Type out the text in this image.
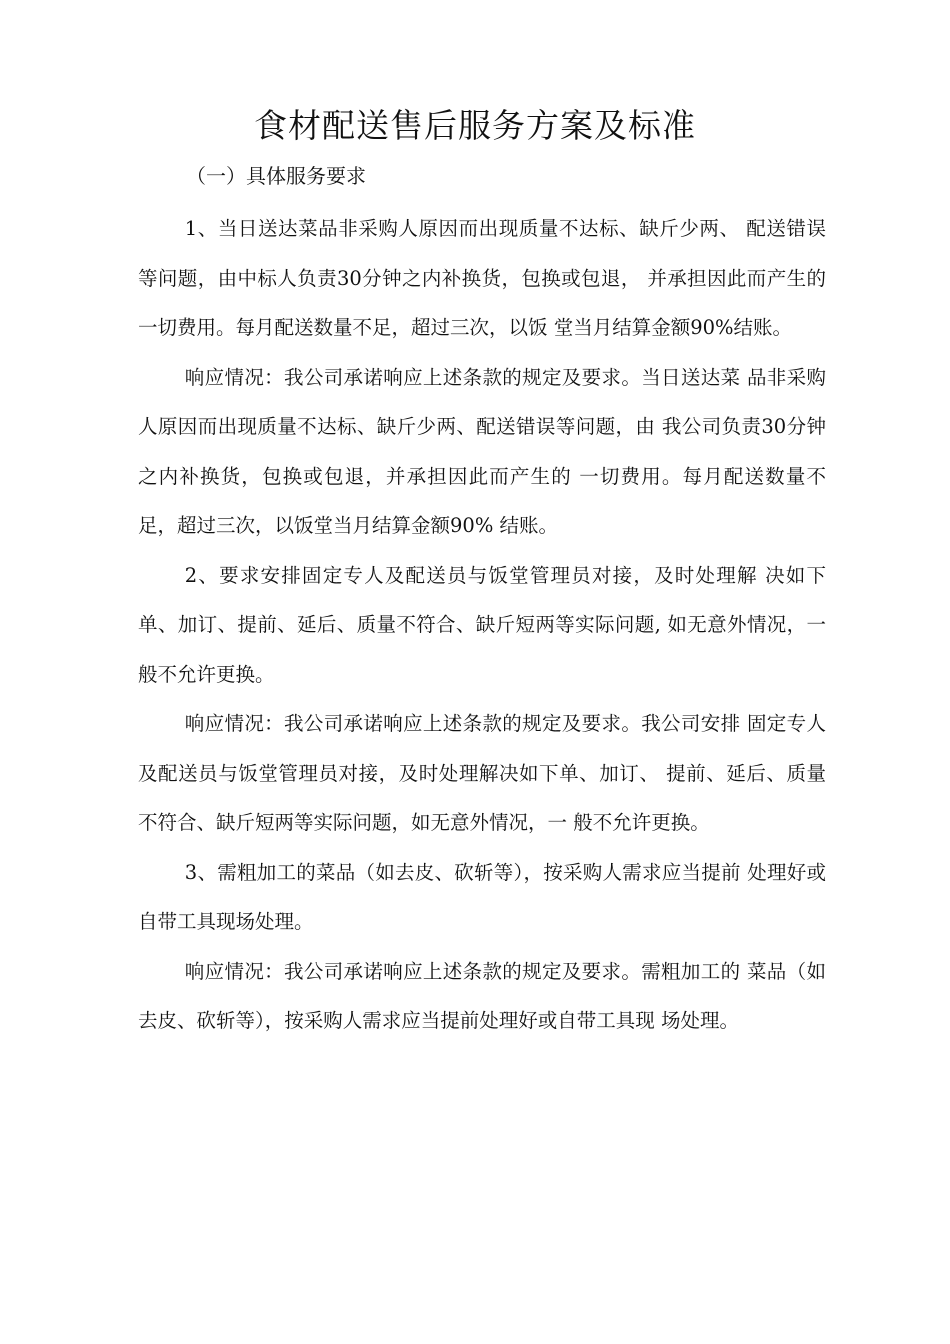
食材配送售后服务方案及标准
（一）具体服务要求

1、当日送达菜品非采购人原因而出现质量不达标、缺斤少两、 配送错误等问题，由中标人负责30分钟之内补换货，包换或包退， 并承担因此而产生的一切费用。每月配送数量不足，超过三次，以饭 堂当月结算金额90%结账。

响应情况：我公司承诺响应上述条款的规定及要求。当日送达菜 品非采购人原因而出现质量不达标、缺斤少两、配送错误等问题，由 我公司负责30分钟之内补换货，包换或包退，并承担因此而产生的 一切费用。每月配送数量不足，超过三次，以饭堂当月结算金额90% 结账。

2、要求安排固定专人及配送员与饭堂管理员对接，及时处理解 决如下单、加订、提前、延后、质量不符合、缺斤短两等实际问题, 如无意外情况，一般不允许更换。

响应情况：我公司承诺响应上述条款的规定及要求。我公司安排 固定专人及配送员与饭堂管理员对接，及时处理解决如下单、加订、 提前、延后、质量不符合、缺斤短两等实际问题，如无意外情况，一 般不允许更换。

3、需粗加工的菜品（如去皮、砍斩等），按采购人需求应当提前 处理好或自带工具现场处理。

响应情况：我公司承诺响应上述条款的规定及要求。需粗加工的 菜品（如去皮、砍斩等），按采购人需求应当提前处理好或自带工具现 场处理。
